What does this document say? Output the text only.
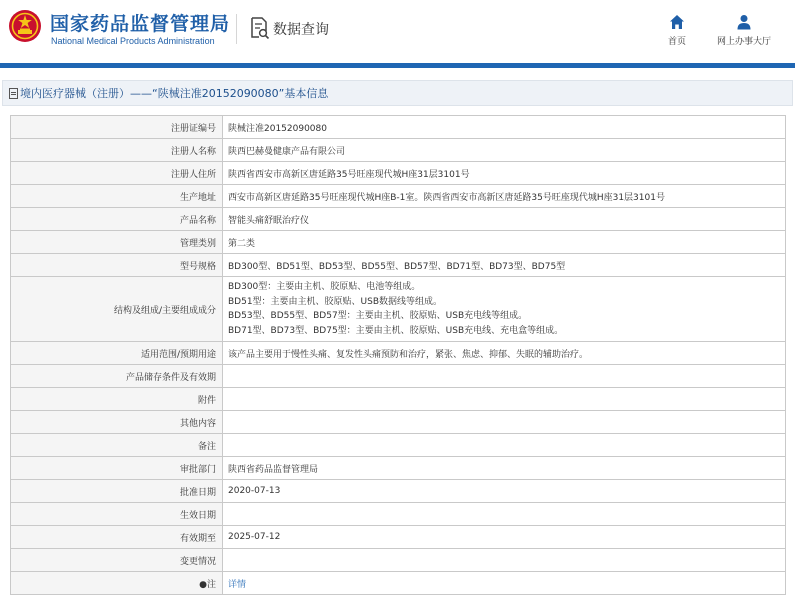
国家药品监督管理局
National Medical Products Administration
数据查询
首页	网上办事大厅
境内医疗器械（注册）——“陕械注准20152090080”基本信息
注册证编号	陕械注准20152090080
注册人名称	陕西巴赫曼健康产品有限公司
注册人住所	陕西省西安市高新区唐延路35号旺座现代城H座31层3101号
生产地址	西安市高新区唐延路35号旺座现代城H座B-1室。陕西省西安市高新区唐延路35号旺座现代城H座31层3101号
产品名称	智能头痛舒眠治疗仪
管理类别	第二类
型号规格	BD300型、BD51型、BD53型、BD55型、BD57型、BD71型、BD73型、BD75型
结构及组成/主要组成成分	BD300型：主要由主机、胶原贴、电池等组成。
BD51型：主要由主机、胶原贴、USB数据线等组成。
BD53型、BD55型、BD57型：主要由主机、胶原贴、USB充电线等组成。
BD71型、BD73型、BD75型：主要由主机、胶原贴、USB充电线、充电盒等组成。

适用范围/预期用途	该产品主要用于慢性头痛、复发性头痛预防和治疗，紧张、焦虑、抑郁、失眠的辅助治疗。
产品储存条件及有效期	
附件	
其他内容	
备注	
审批部门	陕西省药品监督管理局
批准日期	2020-07-13
生效日期	
有效期至	2025-07-12
变更情况	
●注	详情
